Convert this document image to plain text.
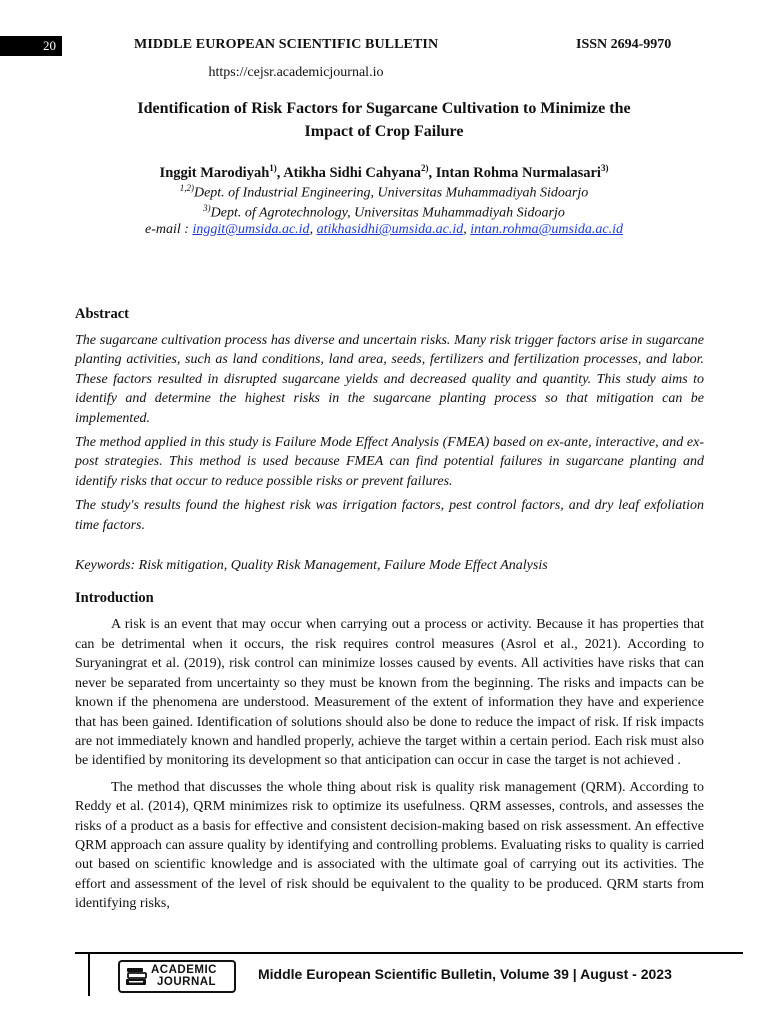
20	MIDDLE EUROPEAN SCIENTIFIC BULLETIN	ISSN 2694-9970
https://cejsr.academicjournal.io
Identification of Risk Factors for Sugarcane Cultivation to Minimize the
Impact of Crop Failure
Inggit Marodiyah$^{1)}$, Atikha Sidhi Cahyana$^{2)}$, Intan Rohma Nurmalasari$^{3)}$
$^{1,2)}$Dept. of Industrial Engineering, Universitas Muhammadiyah Sidoarjo
$^{3)}$Dept. of Agrotechnology, Universitas Muhammadiyah Sidoarjo
e-mail : inggit@umsida.ac.id, atikhasidhi@umsida.ac.id, intan.rohma@umsida.ac.id
Abstract

The sugarcane cultivation process has diverse and uncertain risks. Many risk trigger factors arise in sugarcane planting activities, such as land conditions, land area, seeds, fertilizers and fertilization processes, and labor. These factors resulted in disrupted sugarcane yields and decreased quality and quantity. This study aims to identify and determine the highest risks in the sugarcane planting process so that mitigation can be implemented.

The method applied in this study is Failure Mode Effect Analysis (FMEA) based on ex-ante, interactive, and ex-post strategies. This method is used because FMEA can find potential failures in sugarcane planting and identify risks that occur to reduce possible risks or prevent failures.

The study's results found the highest risk was irrigation factors, pest control factors, and dry leaf exfoliation time factors.

Keywords: Risk mitigation, Quality Risk Management, Failure Mode Effect Analysis

Introduction

A risk is an event that may occur when carrying out a process or activity. Because it has properties that can be detrimental when it occurs, the risk requires control measures (Asrol et al., 2021). According to Suryaningrat et al. (2019), risk control can minimize losses caused by events. All activities have risks that can never be separated from uncertainty so they must be known from the beginning. The risks and impacts can be known if the phenomena are understood. Measurement of the extent of information they have and experience that has been gained. Identification of solutions should also be done to reduce the impact of risk. If risk impacts are not immediately known and handled properly, achieve the target within a certain period. Each risk must also be identified by monitoring its development so that anticipation can occur in case the target is not achieved .

The method that discusses the whole thing about risk is quality risk management (QRM). According to Reddy et al. (2014), QRM minimizes risk to optimize its usefulness. QRM assesses, controls, and assesses the risks of a product as a basis for effective and consistent decision-making based on risk assessment. An effective QRM approach can assure quality by identifying and controlling problems. Evaluating risks to quality is carried out based on scientific knowledge and is associated with the ultimate goal of carrying out its activities. The effort and assessment of the level of risk should be equivalent to the quality to be produced. QRM starts from identifying risks,

ACADEMIC
JOURNAL	Middle European Scientific Bulletin, Volume 39 | August - 2023
